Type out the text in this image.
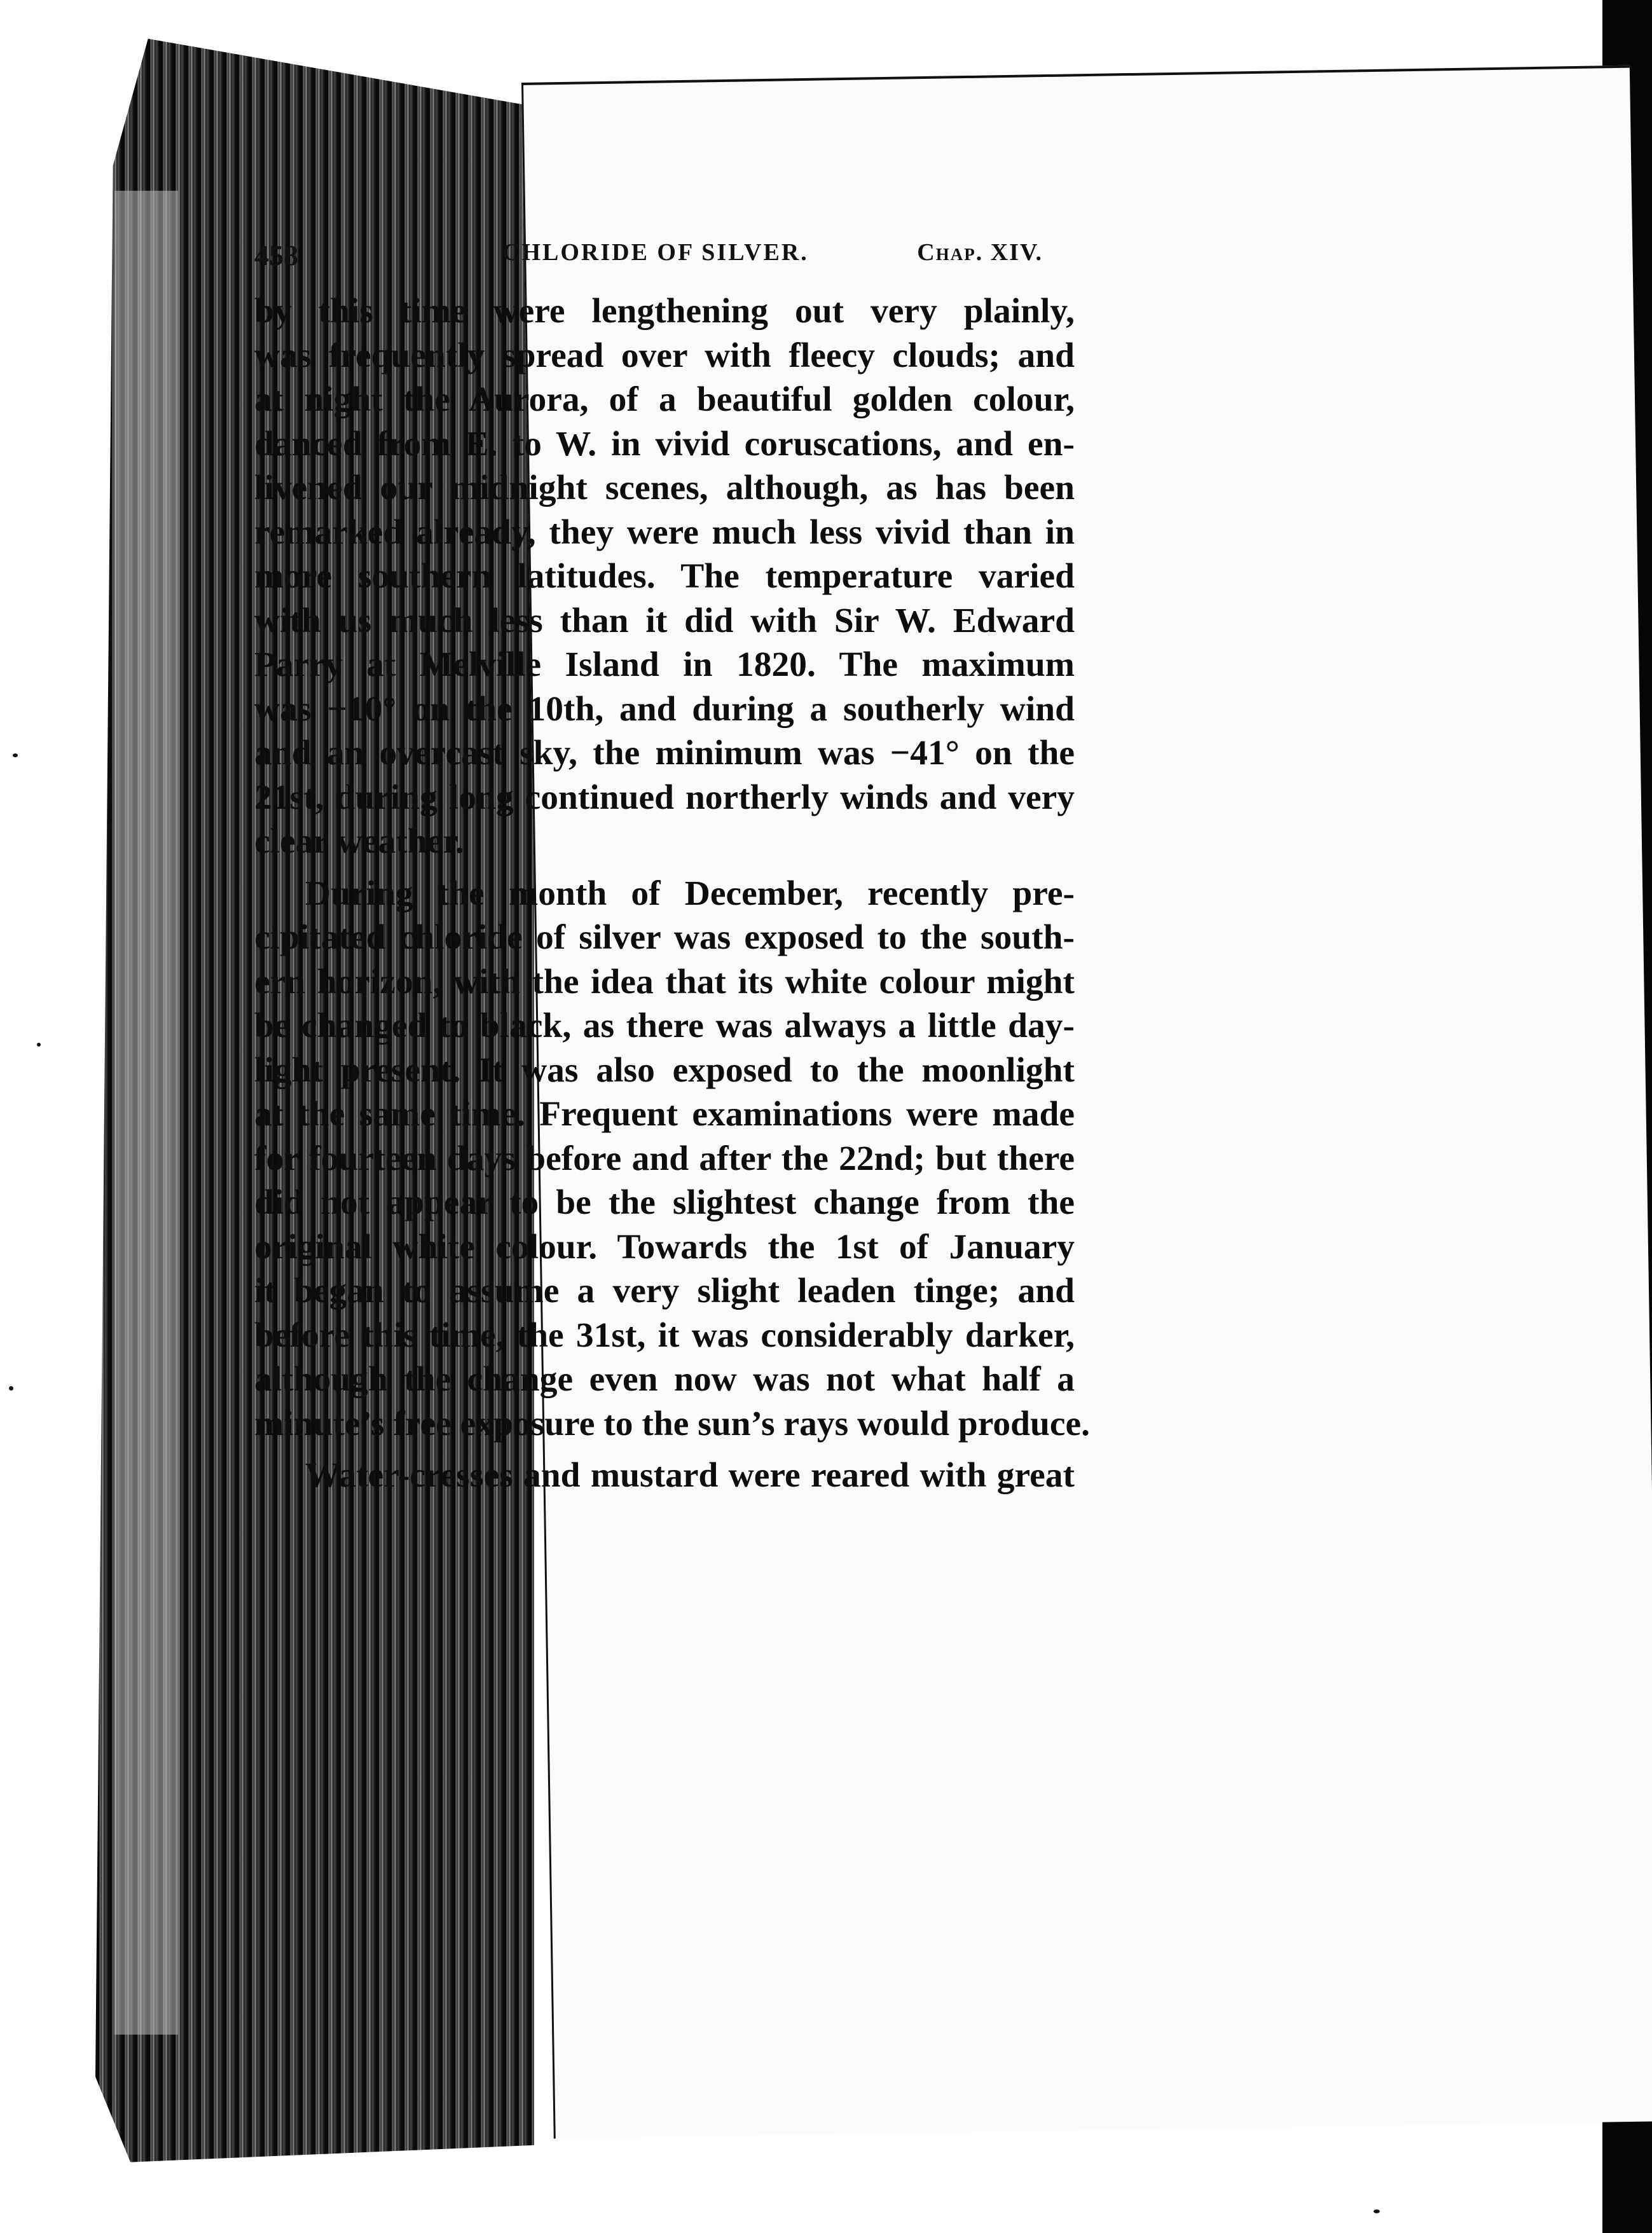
458	CHLORIDE OF SILVER.	Chap. XIV.
by this time were lengthening out very plainly,
was frequently spread over with fleecy clouds; and
at night the Aurora, of a beautiful golden colour,
danced from E. to W. in vivid coruscations, and en-
livened our midnight scenes, although, as has been
remarked already, they were much less vivid than in
more southern latitudes. The temperature varied
with us much less than it did with Sir W. Edward
Parry at Melville Island in 1820. The maximum
was −10° on the 10th, and during a southerly wind
and an overcast sky, the minimum was −41° on the
21st, during long continued northerly winds and very
clear weather.
During the month of December, recently pre-
cipitated chloride of silver was exposed to the south-
ern horizon, with the idea that its white colour might
be changed to black, as there was always a little day-
light present. It was also exposed to the moonlight
at the same time. Frequent examinations were made
for fourteen days before and after the 22nd; but there
did not appear to be the slightest change from the
original white colour. Towards the 1st of January
it began to assume a very slight leaden tinge; and
before this time, the 31st, it was considerably darker,
although the change even now was not what half a
minute’s free exposure to the sun’s rays would produce.
Water-cresses and mustard were reared with great
